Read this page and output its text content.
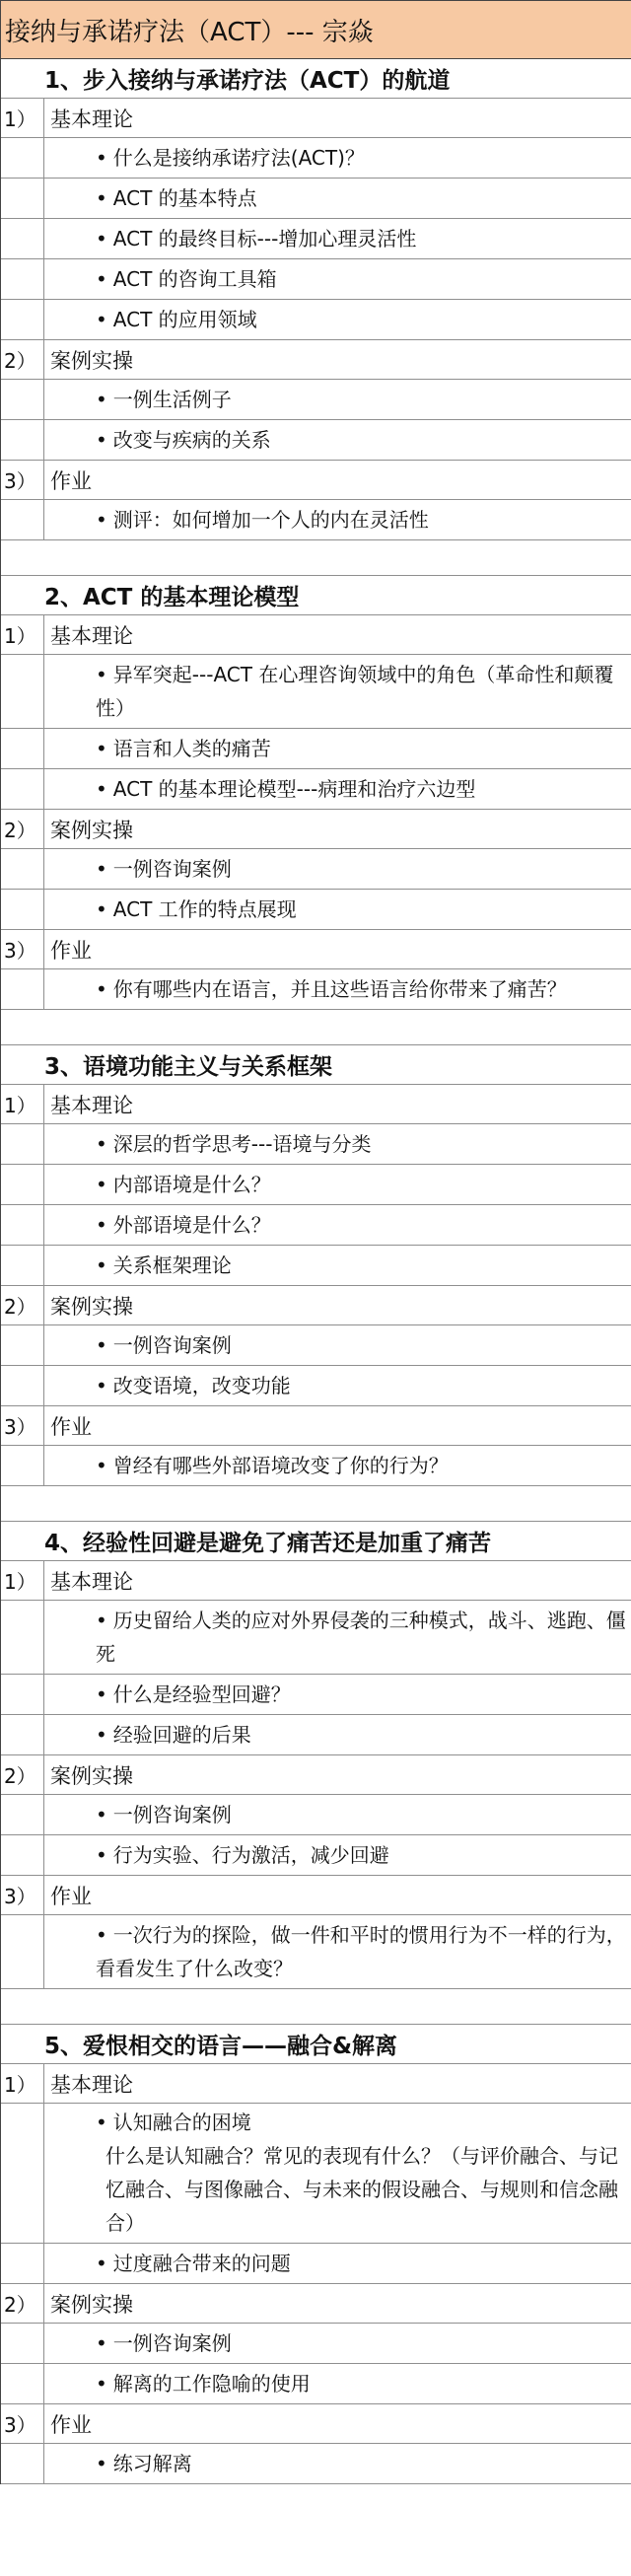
接纳与承诺疗法（ACT）--- 宗焱
1、步入接纳与承诺疗法（ACT）的航道
1） 基本理论
• 什么是接纳承诺疗法(ACT)？
• ACT 的基本特点
• ACT 的最终目标---增加心理灵活性
• ACT 的咨询工具箱
• ACT 的应用领域
2） 案例实操
• 一例生活例子
• 改变与疾病的关系
3） 作业
• 测评：如何增加一个人的内在灵活性
2、ACT 的基本理论模型
1） 基本理论
• 异军突起---ACT 在心理咨询领域中的角色（革命性和颠覆性）
• 语言和人类的痛苦
• ACT 的基本理论模型---病理和治疗六边型
2） 案例实操
• 一例咨询案例
• ACT 工作的特点展现
3） 作业
• 你有哪些内在语言，并且这些语言给你带来了痛苦？
3、语境功能主义与关系框架
1） 基本理论
• 深层的哲学思考---语境与分类
• 内部语境是什么？
• 外部语境是什么？
• 关系框架理论
2） 案例实操
• 一例咨询案例
• 改变语境，改变功能
3） 作业
• 曾经有哪些外部语境改变了你的行为？
4、经验性回避是避免了痛苦还是加重了痛苦
1） 基本理论
• 历史留给人类的应对外界侵袭的三种模式，战斗、逃跑、僵死
• 什么是经验型回避？
• 经验回避的后果
2） 案例实操
• 一例咨询案例
• 行为实验、行为激活，减少回避
3） 作业
• 一次行为的探险，做一件和平时的惯用行为不一样的行为，看看发生了什么改变？
5、爱恨相交的语言——融合&解离
1） 基本理论
• 认知融合的困境
什么是认知融合？常见的表现有什么？（与评价融合、与记忆融合、与图像融合、与未来的假设融合、与规则和信念融合）
• 过度融合带来的问题
2） 案例实操
• 一例咨询案例
• 解离的工作隐喻的使用
3） 作业
• 练习解离
